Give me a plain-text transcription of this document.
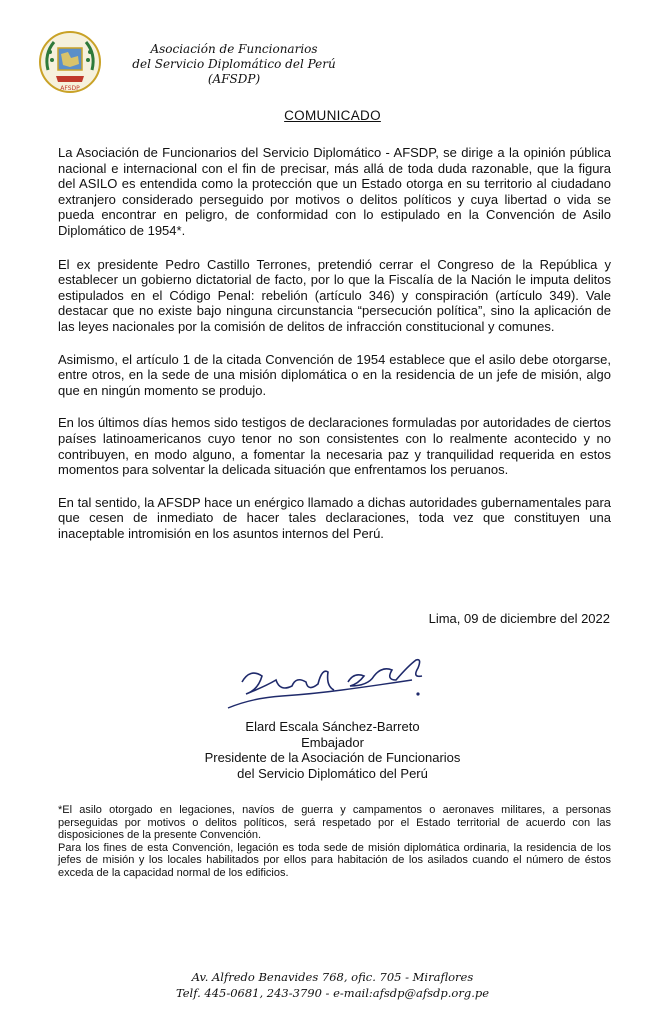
AFSDP
Asociación de Funcionarios
del Servicio Diplomático del Perú
(AFSDP)
COMUNICADO

La Asociación de Funcionarios del Servicio Diplomático - AFSDP, se dirige a la opinión pública nacional e internacional con el fin de precisar, más allá de toda duda razonable, que la figura del ASILO es entendida como la protección que un Estado otorga en su territorio al ciudadano extranjero considerado perseguido por motivos o delitos políticos y cuya libertad o vida se pueda encontrar en peligro, de conformidad con lo estipulado en la Convención de Asilo Diplomático de 1954*.

El ex presidente Pedro Castillo Terrones, pretendió cerrar el Congreso de la República y establecer un gobierno dictatorial de facto, por lo que la Fiscalía de la Nación le imputa delitos estipulados en el Código Penal: rebelión (artículo 346) y conspiración (artículo 349). Vale destacar que no existe bajo ninguna circunstancia “persecución política”, sino la aplicación de las leyes nacionales por la comisión de delitos de infracción constitucional y comunes.

Asimismo, el artículo 1 de la citada Convención de 1954 establece que el asilo debe otorgarse, entre otros, en la sede de una misión diplomática o en la residencia de un jefe de misión, algo que en ningún momento se produjo.

En los últimos días hemos sido testigos de declaraciones formuladas por autoridades de ciertos países latinoamericanos cuyo tenor no son consistentes con lo realmente acontecido y no contribuyen, en modo alguno, a fomentar la necesaria paz y tranquilidad requerida en estos momentos para solventar la delicada situación que enfrentamos los peruanos.

En tal sentido, la AFSDP hace un enérgico llamado a dichas autoridades gubernamentales para que cesen de inmediato de hacer tales declaraciones, toda vez que constituyen una inaceptable intromisión en los asuntos internos del Perú.

Lima, 09 de diciembre del 2022
Elard Escala Sánchez-Barreto
Embajador
Presidente de la Asociación de Funcionarios
del Servicio Diplomático del Perú

*El asilo otorgado en legaciones, navíos de guerra y campamentos o aeronaves militares, a personas perseguidas por motivos o delitos políticos, será respetado por el Estado territorial de acuerdo con las disposiciones de la presente Convención.

Para los fines de esta Convención, legación es toda sede de misión diplomática ordinaria, la residencia de los jefes de misión y los locales habilitados por ellos para habitación de los asilados cuando el número de éstos exceda de la capacidad normal de los edificios.

Av. Alfredo Benavides 768, ofic. 705 - Miraflores
Telf. 445-0681, 243-3790 - e-mail:afsdp@afsdp.org.pe
